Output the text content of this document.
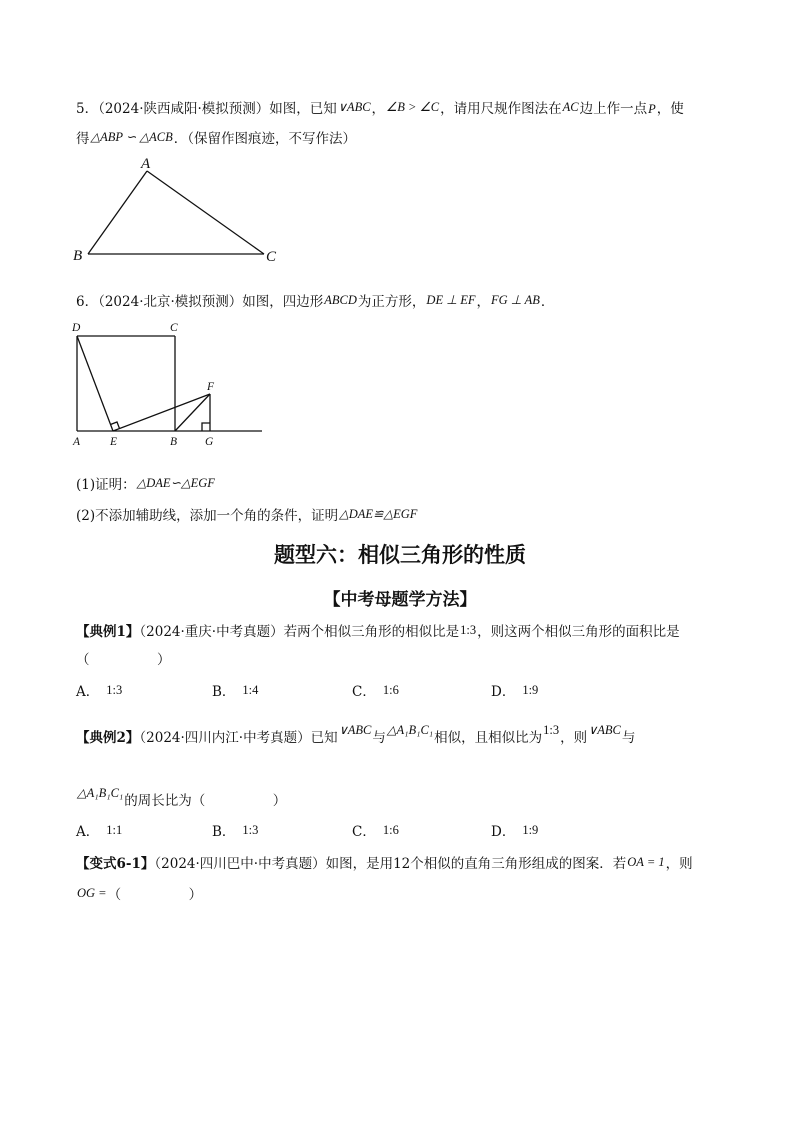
5．（2024·陕西咸阳·模拟预测）如图，已知∨ABC，∠B > ∠C，请用尺规作图法在AC边上作一点P，使
得△ABP ∽ △ACB．（保留作图痕迹，不写作法）
6．（2024·北京·模拟预测）如图，四边形ABCD为正方形，DE ⊥ EF，FG ⊥ AB．
(1)证明：△DAE∽△EGF
(2)不添加辅助线，添加一个角的条件，证明△DAE≌△EGF
题型六：相似三角形的性质
【中考母题学方法】
【典例1】（2024·重庆·中考真题）若两个相似三角形的相似比是1:3，则这两个相似三角形的面积比是
（　　　　　）
A． 1:3	B． 1:4	C． 1:6	D． 1:9
【典例2】（2024·四川内江·中考真题）已知∨ABC与△A₁B₁C₁相似，且相似比为1:3，则∨ABC与
△A₁B₁C₁的周长比为（　　　　　）
A． 1:1	B． 1:3	C． 1:6	D． 1:9
【变式6-1】（2024·四川巴中·中考真题）如图，是用12个相似的直角三角形组成的图案．若OA = 1，则
OG =（　　　　　）
A
B	C
D	C
F
A	E	B G
